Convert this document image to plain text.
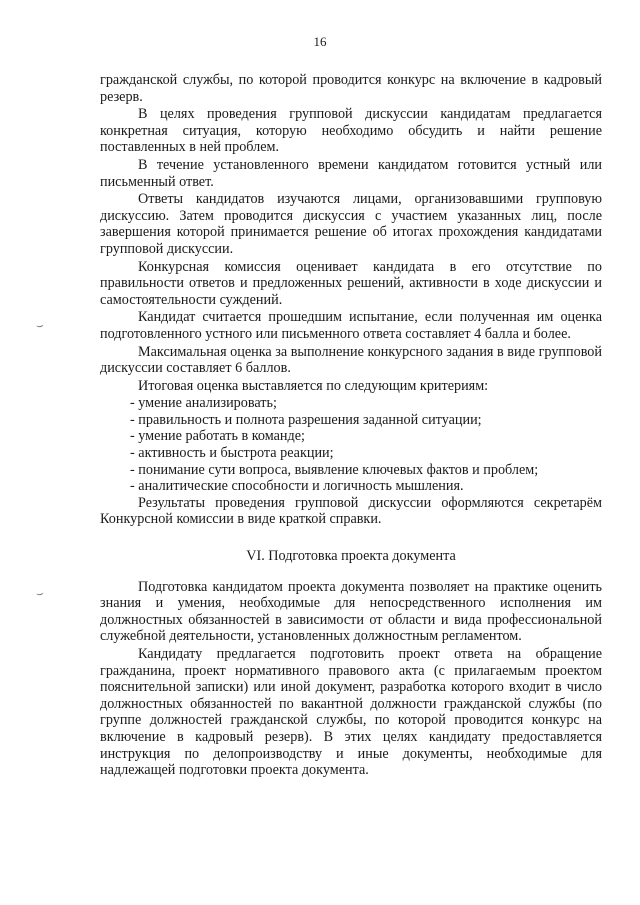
16
⌣
⌣

гражданской службы, по которой проводится конкурс на включение в кадровый резерв.

В целях проведения групповой дискуссии кандидатам предлагается конкретная ситуация, которую необходимо обсудить и найти решение поставленных в ней проблем.

В течение установленного времени кандидатом готовится устный или письменный ответ.

Ответы кандидатов изучаются лицами, организовавшими групповую дискуссию. Затем проводится дискуссия с участием указанных лиц, после завершения которой принимается решение об итогах прохождения кандидатами групповой дискуссии.

Конкурсная комиссия оценивает кандидата в его отсутствие по правильности ответов и предложенных решений, активности в ходе дискуссии и самостоятельности суждений.

Кандидат считается прошедшим испытание, если полученная им оценка подготовленного устного или письменного ответа составляет 4 балла и более.

Максимальная оценка за выполнение конкурсного задания в виде групповой дискуссии составляет 6 баллов.

Итоговая оценка выставляется по следующим критериям:

- умение анализировать;

- правильность и полнота разрешения заданной ситуации;

- умение работать в команде;

- активность и быстрота реакции;

- понимание сути вопроса, выявление ключевых фактов и проблем;

- аналитические способности и логичность мышления.

Результаты проведения групповой дискуссии оформляются секретарём Конкурсной комиссии в виде краткой справки.

VI. Подготовка проекта документа

Подготовка кандидатом проекта документа позволяет на практике оценить знания и умения, необходимые для непосредственного исполнения им должностных обязанностей в зависимости от области и вида профессиональной служебной деятельности, установленных должностным регламентом.

Кандидату предлагается подготовить проект ответа на обращение гражданина, проект нормативного правового акта (с прилагаемым проектом пояснительной записки) или иной документ, разработка которого входит в число должностных обязанностей по вакантной должности гражданской службы (по группе должностей гражданской службы, по которой проводится конкурс на включение в кадровый резерв). В этих целях кандидату предоставляется инструкция по делопроизводству и иные документы, необходимые для надлежащей подготовки проекта документа.
